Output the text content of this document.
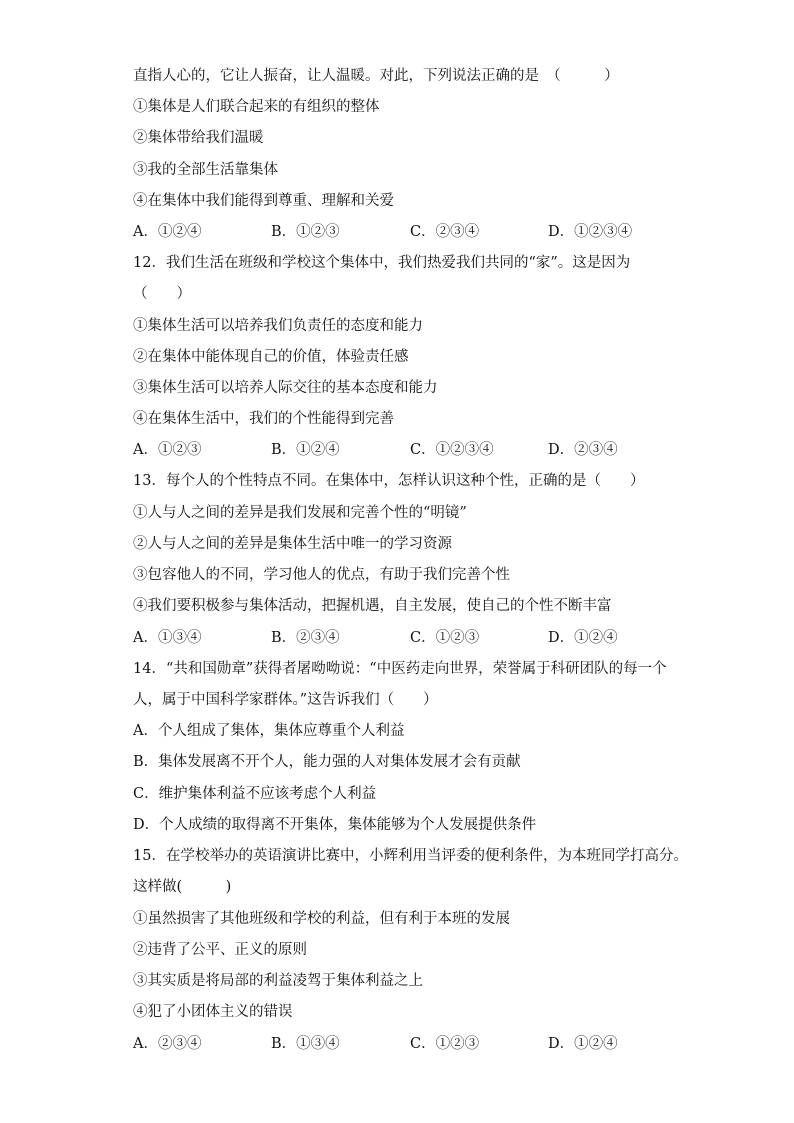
直指人心的，它让人振奋，让人温暖。对此，下列说法正确的是　（　　　）
①集体是人们联合起来的有组织的整体
②集体带给我们温暖
③我的全部生活靠集体
④在集体中我们能得到尊重、理解和关爱
A．①②④	B．①②③	C．②③④	D．①②③④
12．我们生活在班级和学校这个集体中，我们热爱我们共同的“家”。这是因为
（　　）
①集体生活可以培养我们负责任的态度和能力
②在集体中能体现自己的价值，体验责任感
③集体生活可以培养人际交往的基本态度和能力
④在集体生活中，我们的个性能得到完善
A．①②③	B．①②④	C．①②③④	D．②③④
13．每个人的个性特点不同。在集体中，怎样认识这种个性，正确的是（　　）
①人与人之间的差异是我们发展和完善个性的“明镜”
②人与人之间的差异是集体生活中唯一的学习资源
③包容他人的不同，学习他人的优点，有助于我们完善个性
④我们要积极参与集体活动，把握机遇，自主发展，使自己的个性不断丰富
A．①③④	B．②③④	C．①②③	D．①②④
14．“共和国勋章”获得者屠呦呦说：“中医药走向世界，荣誉属于科研团队的每一个
人，属于中国科学家群体。”这告诉我们（　　）
A．个人组成了集体，集体应尊重个人利益
B．集体发展离不开个人，能力强的人对集体发展才会有贡献
C．维护集体利益不应该考虑个人利益
D．个人成绩的取得离不开集体，集体能够为个人发展提供条件
15．在学校举办的英语演讲比赛中，小辉利用当评委的便利条件，为本班同学打高分。
这样做(　　　)
①虽然损害了其他班级和学校的利益，但有利于本班的发展
②违背了公平、正义的原则
③其实质是将局部的利益凌驾于集体利益之上
④犯了小团体主义的错误
A．②③④	B．①③④	C．①②③	D．①②④
